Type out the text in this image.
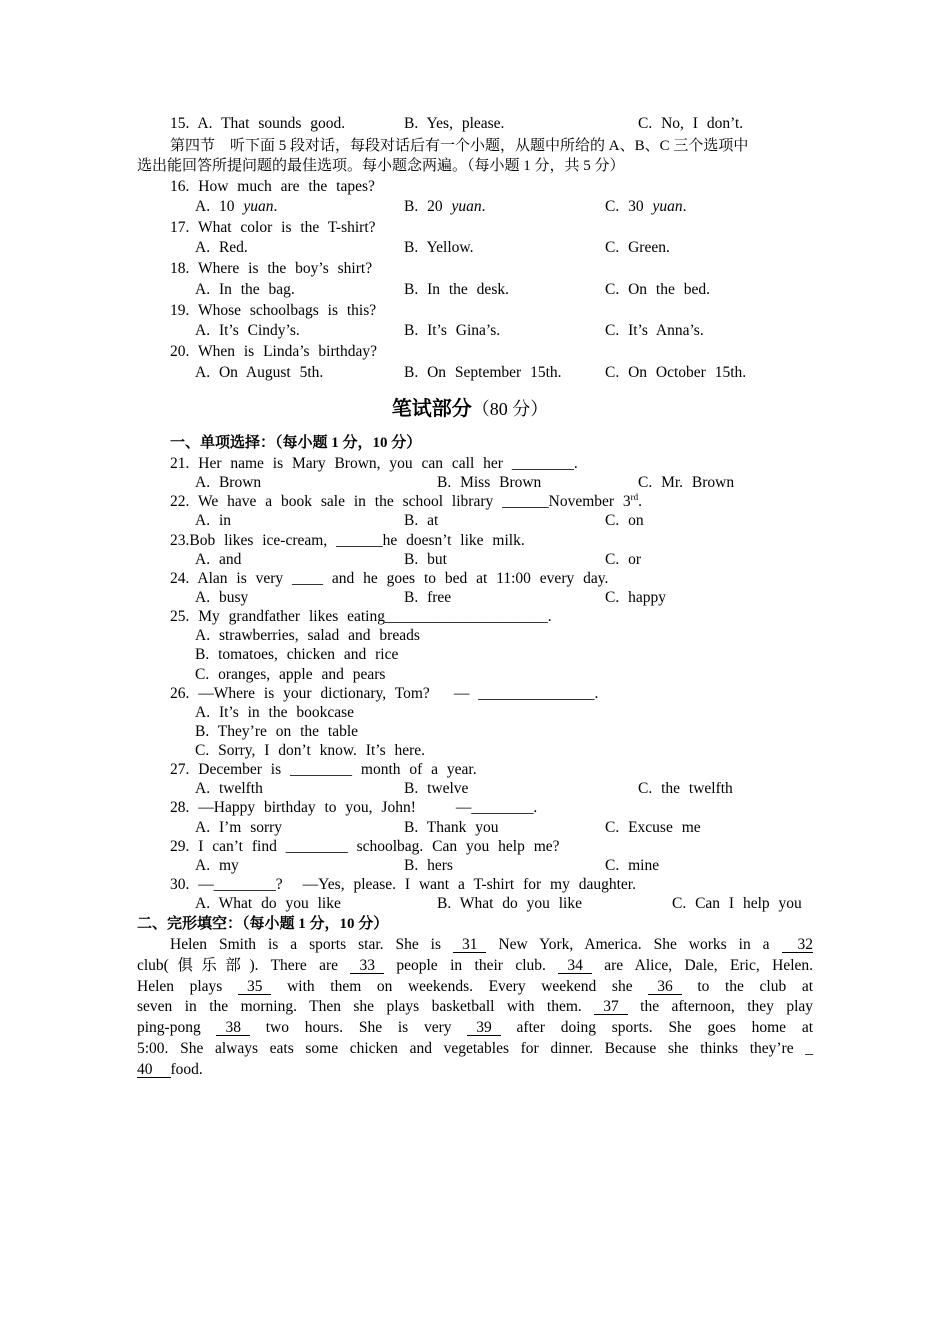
15. A. That sounds good.	B. Yes, please.	C. No, I don’t.
第四节　听下面 5 段对话，每段对话后有一个小题，从题中所给的 A、B、C 三个选项中
选出能回答所提问题的最佳选项。每小题念两遍。（每小题 1 分，共 5 分）
16. How much are the tapes?
A. 10 yuan.	B. 20 yuan.	C. 30 yuan.
17. What color is the T-shirt?
A. Red.	B. Yellow.	C. Green.
18. Where is the boy’s shirt?
A. In the bag.	B. In the desk.	C. On the bed.
19. Whose schoolbags is this?
A. It’s Cindy’s.	B. It’s Gina’s.	C. It’s Anna’s.
20. When is Linda’s birthday?
A. On August 5th.	B. On September 15th.	C. On October 15th.
笔试部分（80 分）
一、单项选择：（每小题 1 分，10 分）
21. Her name is Mary Brown, you can call her ________.
A. Brown	B. Miss Brown	C. Mr. Brown
22. We have a book sale in the school library ______November 3rd.
A. in	B. at	C. on
23.Bob likes ice-cream, ______he doesn’t like milk.
A. and	B. but	C. or
24. Alan is very ____ and he goes to bed at 11:00 every day.
A. busy	B. free	C. happy
25. My grandfather likes eating_____________________.
A. strawberries, salad and breads
B. tomatoes, chicken and rice
C. oranges, apple and pears
26. —Where is your dictionary, Tom? — _______________.
A. It’s in the bookcase
B. They’re on the table
C. Sorry, I don’t know. It’s here.
27. December is ________ month of a year.
A. twelfth	B. twelve	C. the twelfth
28. —Happy birthday to you, John!	—________.
A. I’m sorry	B. Thank you	C. Excuse me
29. I can’t find ________ schoolbag. Can you help me?
A. my	B. hers	C. mine
30. —________? —Yes, please. I want a T-shirt for my daughter.
A. What do you like	B. What do you like	C. Can I help you
二、完形填空：（每小题 1 分，10 分）
Helen Smith is a sports star. She is 31 New York, America. She works in a 32
club(俱乐部). There are 33 people in their club. 34 are Alice, Dale, Eric, Helen.
Helen plays 35 with them on weekends. Every weekend she 36 to the club at
seven in the morning. Then she plays basketball with them. 37 the afternoon, they play
ping-pong 38 two hours. She is very 39 after doing sports. She goes home at
5:00. She always eats some chicken and vegetables for dinner. Because she thinks they’re _
40 food.
